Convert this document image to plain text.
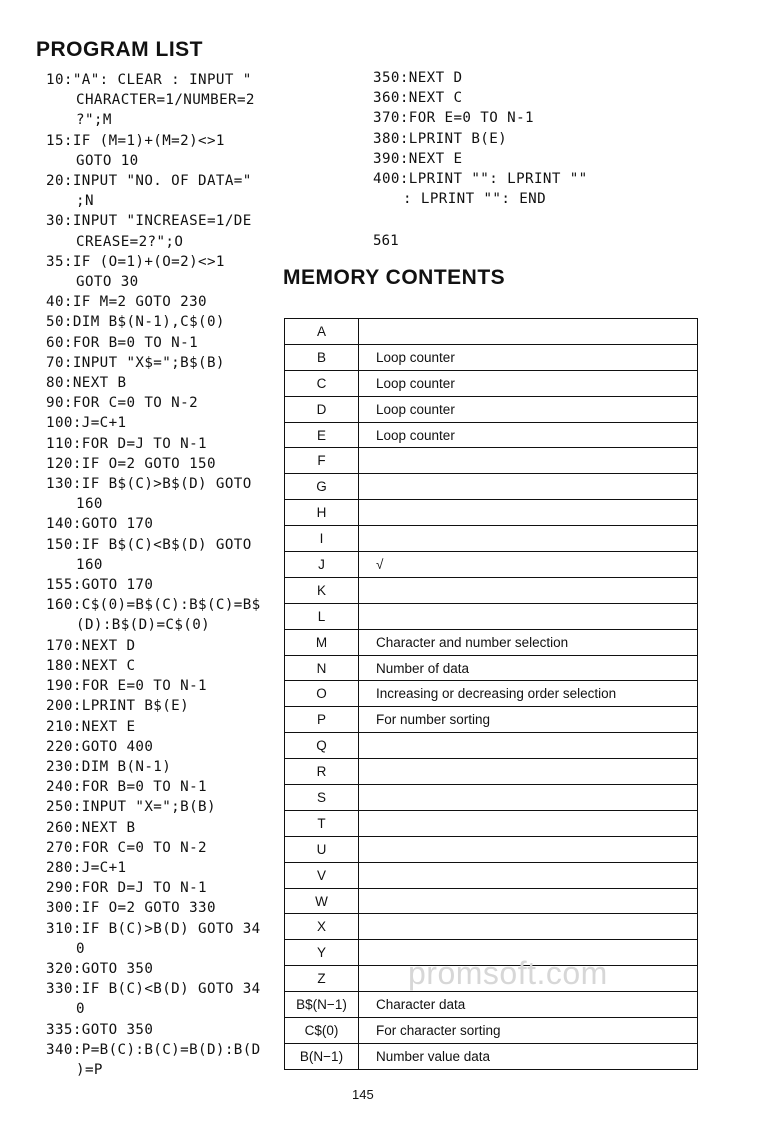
PROGRAM LIST
10:"A": CLEAR : INPUT "
CHARACTER=1/NUMBER=2
?";M
15:IF (M=1)+(M=2)<>1
GOTO 10
20:INPUT "NO. OF DATA="
;N
30:INPUT "INCREASE=1/DE
CREASE=2?";O
35:IF (O=1)+(O=2)<>1
GOTO 30
40:IF M=2 GOTO 230
50:DIM B$(N-1),C$(0)
60:FOR B=0 TO N-1
70:INPUT "X$=";B$(B)
80:NEXT B
90:FOR C=0 TO N-2
100:J=C+1
110:FOR D=J TO N-1
120:IF O=2 GOTO 150
130:IF B$(C)>B$(D) GOTO
160
140:GOTO 170
150:IF B$(C)<B$(D) GOTO
160
155:GOTO 170
160:C$(0)=B$(C):B$(C)=B$
(D):B$(D)=C$(0)
170:NEXT D
180:NEXT C
190:FOR E=0 TO N-1
200:LPRINT B$(E)
210:NEXT E
220:GOTO 400
230:DIM B(N-1)
240:FOR B=0 TO N-1
250:INPUT "X=";B(B)
260:NEXT B
270:FOR C=0 TO N-2
280:J=C+1
290:FOR D=J TO N-1
300:IF O=2 GOTO 330
310:IF B(C)>B(D) GOTO 34
0
320:GOTO 350
330:IF B(C)<B(D) GOTO 34
0
335:GOTO 350
340:P=B(C):B(C)=B(D):B(D
)=P
350:NEXT D
360:NEXT C
370:FOR E=0 TO N-1
380:LPRINT B(E)
390:NEXT E
400:LPRINT "": LPRINT ""
: LPRINT "": END
561
MEMORY CONTENTS
A	
B	Loop counter
C	Loop counter
D	Loop counter
E	Loop counter
F	
G	
H	
I	
J	√
K	
L	
M	Character and number selection
N	Number of data
O	Increasing or decreasing order selection
P	For number sorting
Q	
R	
S	
T	
U	
V	
W	
X	
Y	
Z	
B$(N−1)	Character data
C$(0)	For character sorting
B(N−1)	Number value data
promsoft.com
145
